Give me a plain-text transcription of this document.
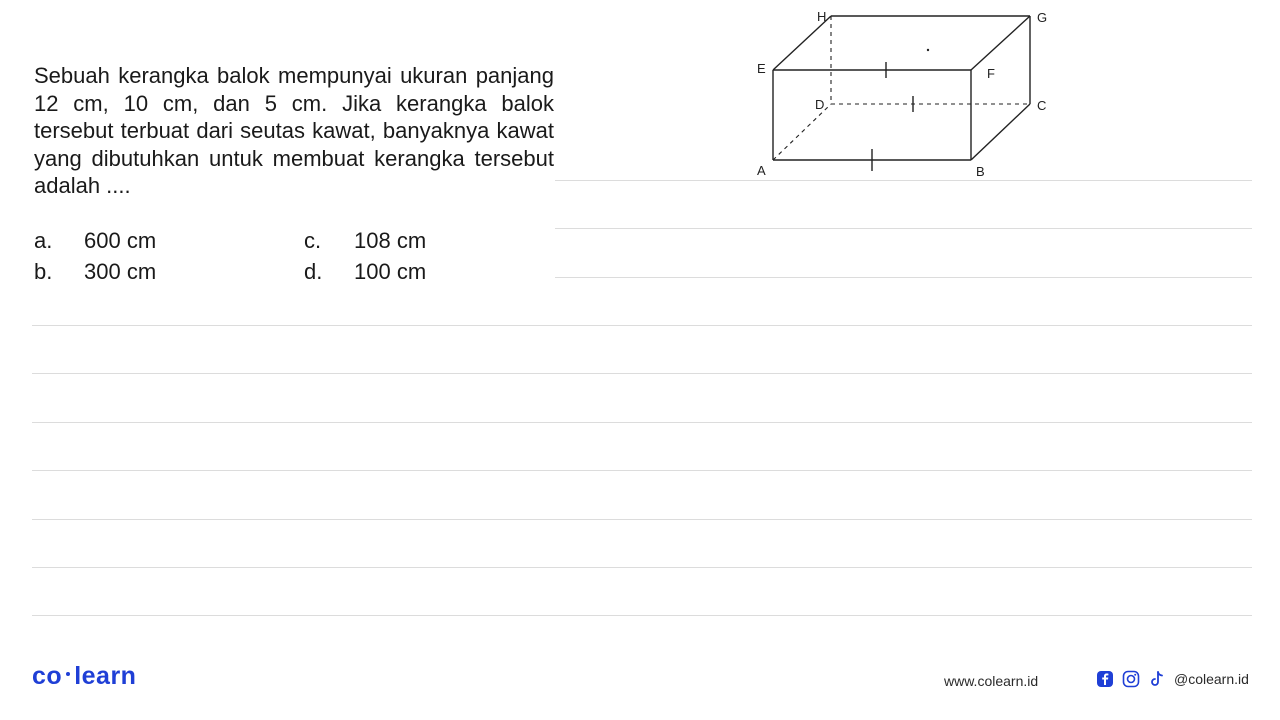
Sebuah kerangka balok mempunyai ukuran panjang 12 cm, 10 cm, dan 5 cm. Jika kerangka balok tersebut terbuat dari seutas kawat, banyaknya kawat yang dibutuhkan untuk membuat kerangka tersebut adalah ....
a. 600 cm
b. 300 cm
c. 108 cm
d. 100 cm
H	G
E	F
D	C
A	B
co learn	www.colearn.id	@colearn.id
